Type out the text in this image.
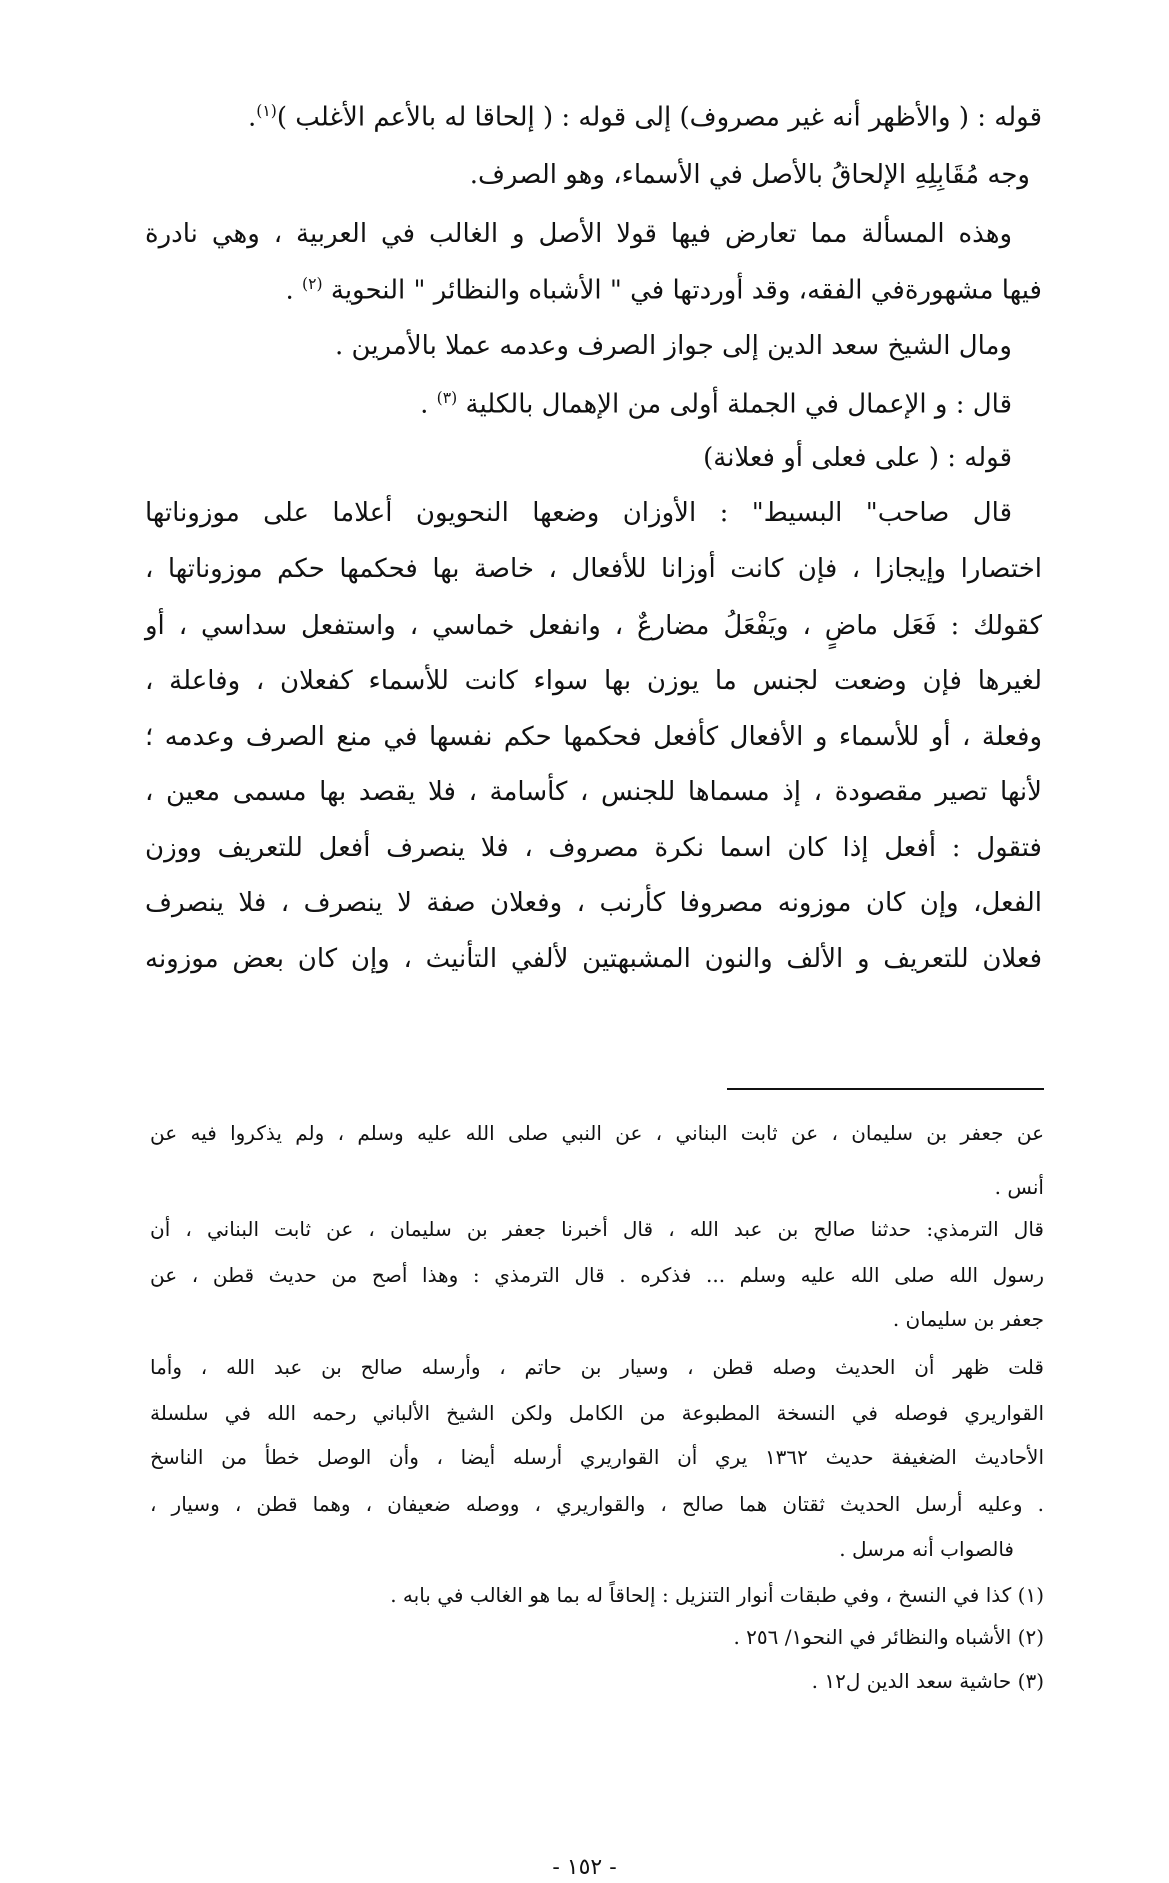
قوله : ( والأظهر أنه غير مصروف) إلى قوله : ( إلحاقا له بالأعم الأغلب )$^{(١)}$.
وجه مُقَابِلِهِ الإلحاقُ بالأصل في الأسماء، وهو الصرف.
وهذه المسألة مما تعارض فيها قولا الأصل و الغالب في العربية ، وهي نادرة
فيها مشهورةفي الفقه، وقد أوردتها في " الأشباه والنظائر " النحوية $^{(٢)}$ .
ومال الشيخ سعد الدين إلى جواز الصرف وعدمه عملا بالأمرين .
قال : و الإعمال في الجملة أولى من الإهمال بالكلية $^{(٣)}$ .
قوله : ( على فعلى أو فعلانة)
قال صاحب" البسيط" : الأوزان وضعها النحويون أعلاما على موزوناتها
اختصارا وإيجازا ، فإن كانت أوزانا للأفعال ، خاصة بها فحكمها حكم موزوناتها ،
كقولك : فَعَل ماضٍ ، ويَفْعَلُ مضارعٌ ، وانفعل خماسي ، واستفعل سداسي ، أو
لغيرها فإن وضعت لجنس ما يوزن بها سواء كانت للأسماء كفعلان ، وفاعلة ،
وفعلة ، أو للأسماء و الأفعال كأفعل فحكمها حكم نفسها في منع الصرف وعدمه ؛
لأنها تصير مقصودة ، إذ مسماها للجنس ، كأسامة ، فلا يقصد بها مسمى معين ،
فتقول : أفعل إذا كان اسما نكرة مصروف ، فلا ينصرف أفعل للتعريف ووزن
الفعل، وإن كان موزونه مصروفا كأرنب ، وفعلان صفة لا ينصرف ، فلا ينصرف
فعلان للتعريف و الألف والنون المشبهتين لألفي التأنيث ، وإن كان بعض موزونه
عن جعفر بن سليمان ، عن ثابت البناني ، عن النبي صلى الله عليه وسلم ، ولم يذكروا فيه عن
أنس .
قال الترمذي: حدثنا صالح بن عبد الله ، قال أخبرنا جعفر بن سليمان ، عن ثابت البناني ، أن
رسول الله صلى الله عليه وسلم ... فذكره . قال الترمذي : وهذا أصح من حديث قطن ، عن
جعفر بن سليمان .
قلت ظهر أن الحديث وصله قطن ، وسيار بن حاتم ، وأرسله صالح بن عبد الله ، وأما
القواريري فوصله في النسخة المطبوعة من الكامل ولكن الشيخ الألباني رحمه الله في سلسلة
الأحاديث الضغيفة حديث ١٣٦٢ يري أن القواريري أرسله أيضا ، وأن الوصل خطأ من الناسخ
. وعليه أرسل الحديث ثقتان هما صالح ، والقواريري ، ووصله ضعيفان ، وهما قطن ، وسيار ،
فالصواب أنه مرسل .
(١) كذا في النسخ ، وفي طبقات أنوار التنزيل : إلحاقاً له بما هو الغالب في بابه .
(٢) الأشباه والنظائر في النحو١/ ٢٥٦ .
(٣) حاشية سعد الدين ل١٢ .
- ١٥٢ -
